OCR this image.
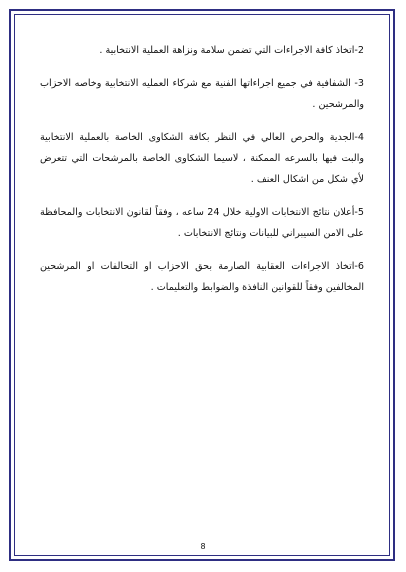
2-اتخاذ كافة الاجراءات التي تضمن سلامة ونزاهة العملية الانتخابية .

3- الشفافية في جميع اجراءاتها الفنية مع شركاء العمليه الانتخابية وخاصه الاحزاب والمرشحين .

4-الجدية والحرص العالي في النظر بكافة الشكاوى الخاصة بالعملية الانتخابية والبت فيها بالسرعه الممكنة ، لاسيما الشكاوى الخاصة بالمرشحات التي تتعرض لأي شكل من اشكال العنف .

5-أعلان نتائج الانتخابات الاولية خلال 24 ساعه ، وفقاً لقانون الانتخابات والمحافظة على الامن السيبراني للبيانات ونتائج الانتخابات .

6-اتخاذ الاجراءات العقابية الصارمة بحق الاحزاب او التحالفات او المرشحين المخالفين وفقاً للقوانين النافذة والضوابط والتعليمات .

8
